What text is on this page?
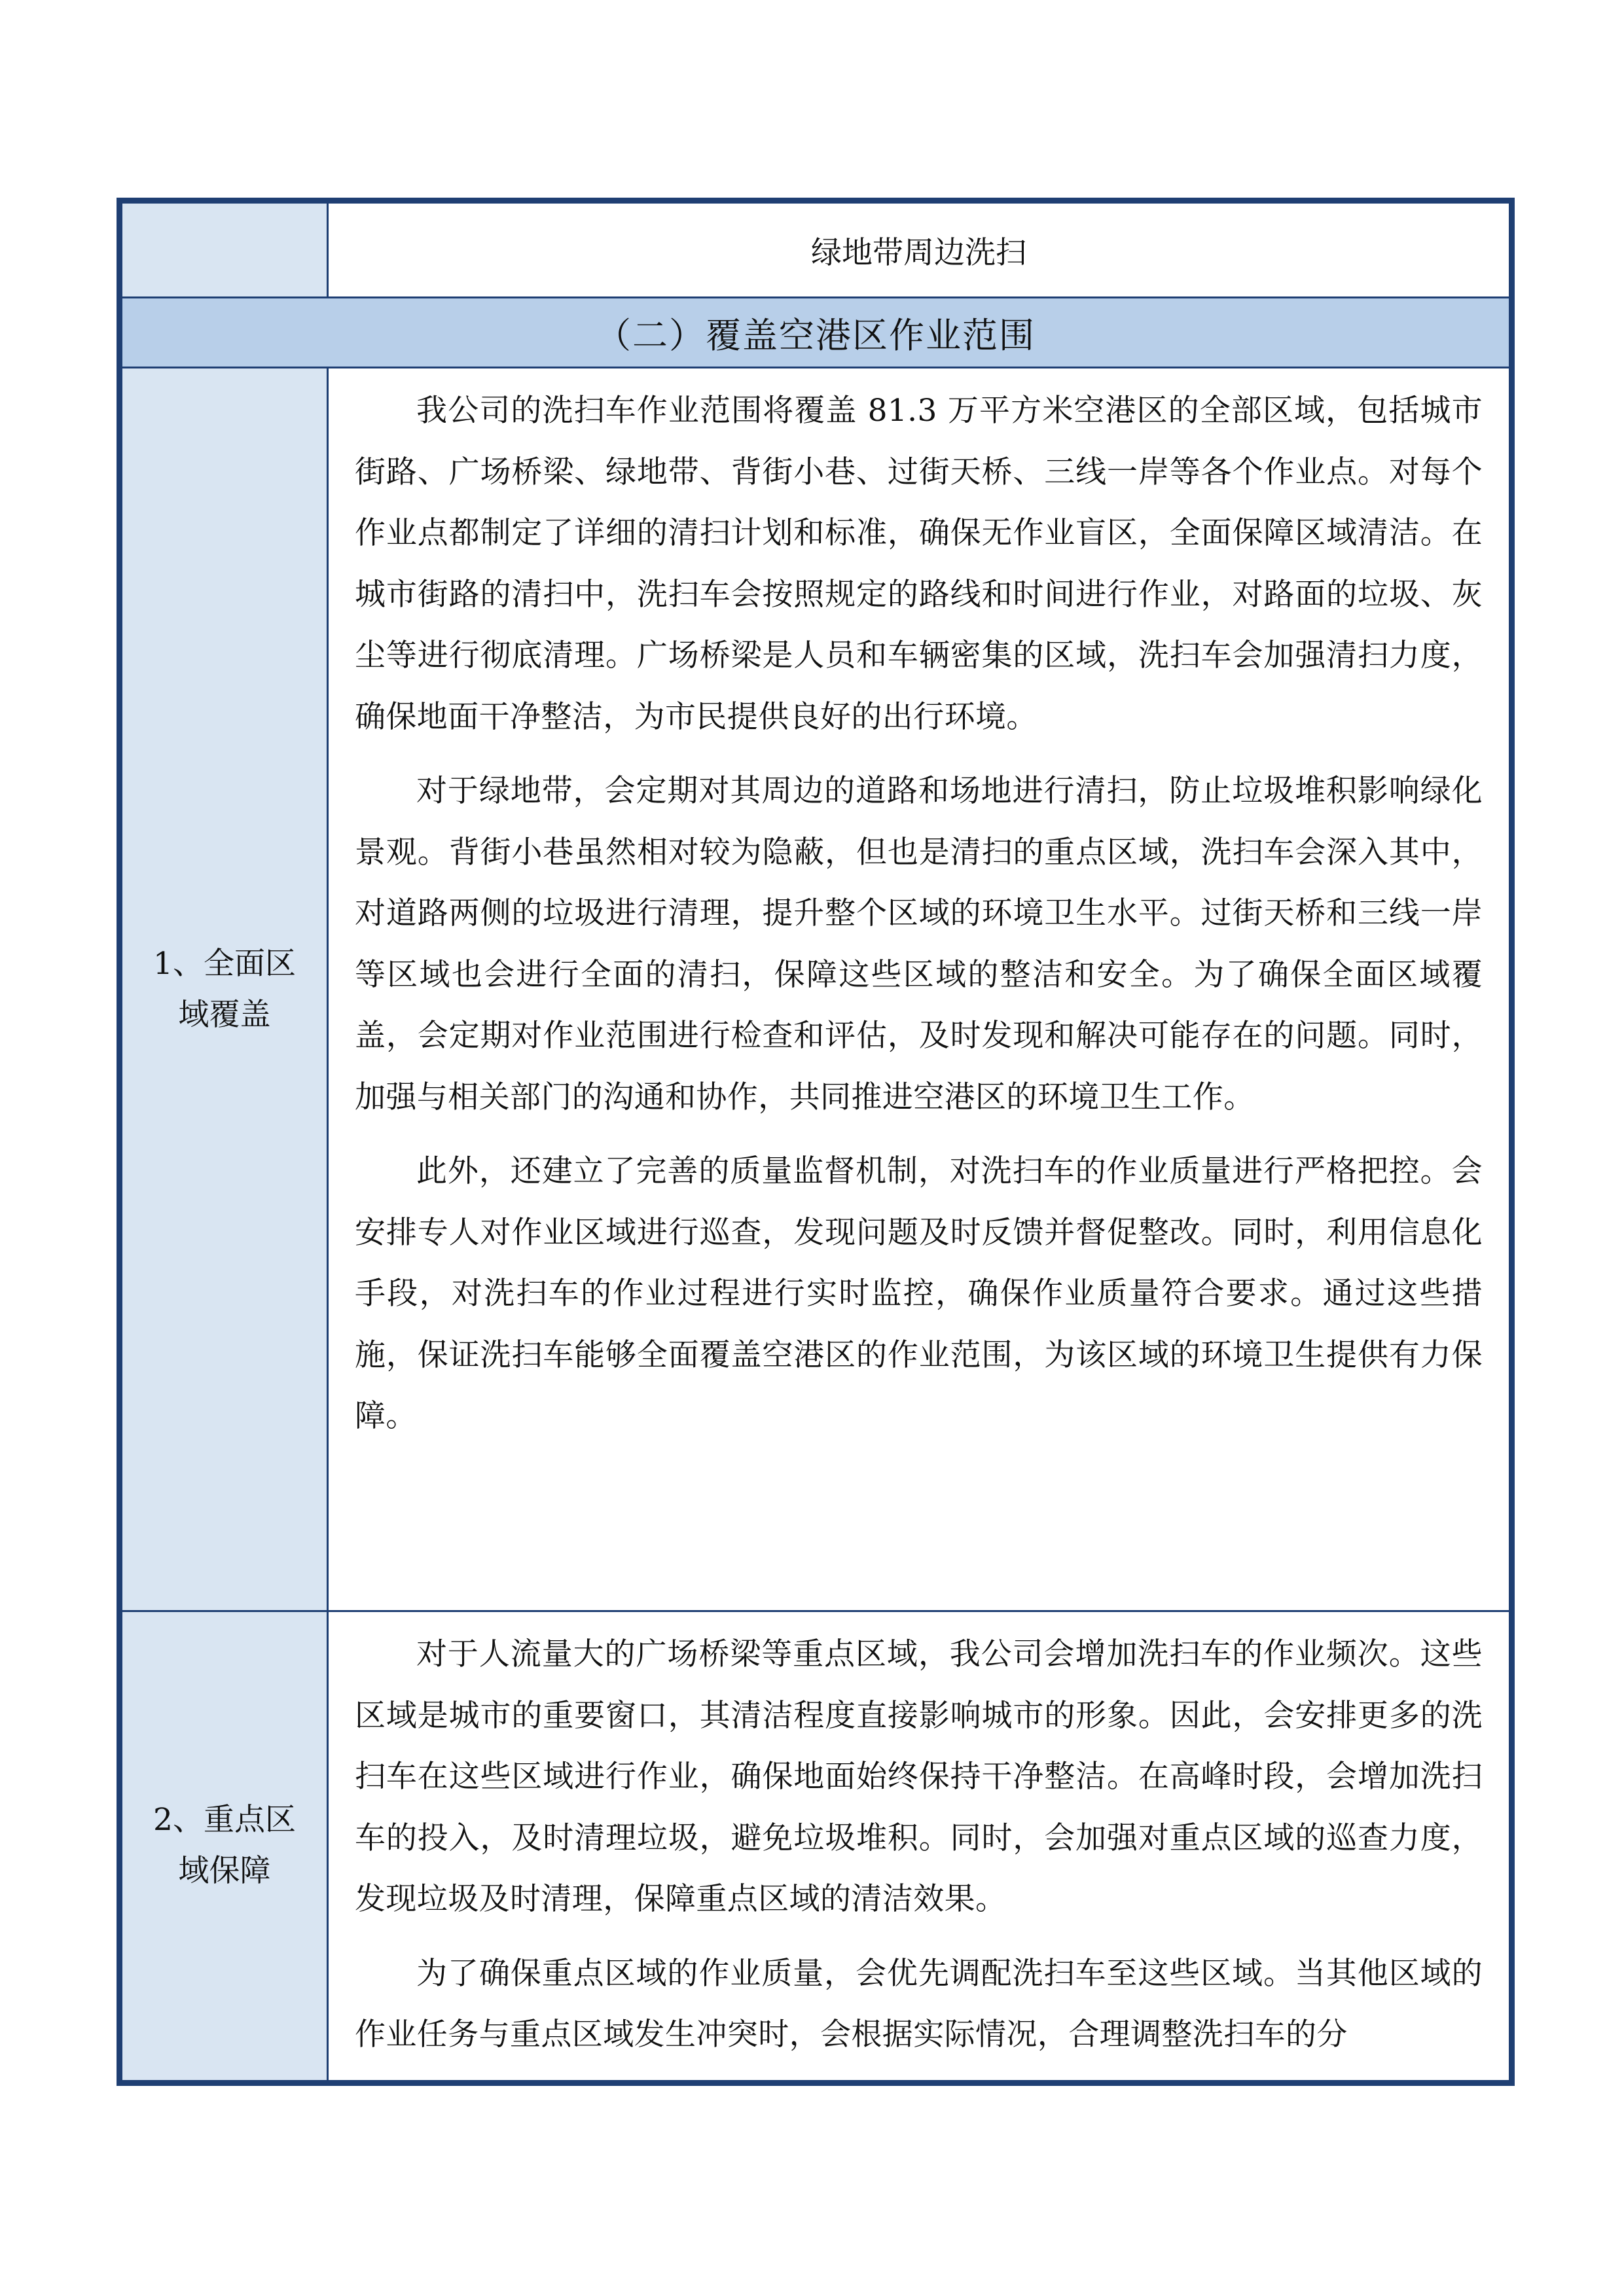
	绿地带周边洗扫
（二）覆盖空港区作业范围	
1、全面区域覆盖	我公司的洗扫车作业范围将覆盖 81.3 万平方米空港区的全部区域，包括城市街路、广场桥梁、绿地带、背街小巷、过街天桥、三线一岸等各个作业点。对每个作业点都制定了详细的清扫计划和标准，确保无作业盲区，全面保障区域清洁。在城市街路的清扫中，洗扫车会按照规定的路线和时间进行作业，对路面的垃圾、灰尘等进行彻底清理。广场桥梁是人员和车辆密集的区域，洗扫车会加强清扫力度，确保地面干净整洁，为市民提供良好的出行环境。

对于绿地带，会定期对其周边的道路和场地进行清扫，防止垃圾堆积影响绿化景观。背街小巷虽然相对较为隐蔽，但也是清扫的重点区域，洗扫车会深入其中，对道路两侧的垃圾进行清理，提升整个区域的环境卫生水平。过街天桥和三线一岸等区域也会进行全面的清扫，保障这些区域的整洁和安全。为了确保全面区域覆盖，会定期对作业范围进行检查和评估，及时发现和解决可能存在的问题。同时，加强与相关部门的沟通和协作，共同推进空港区的环境卫生工作。

此外，还建立了完善的质量监督机制，对洗扫车的作业质量进行严格把控。会安排专人对作业区域进行巡查，发现问题及时反馈并督促整改。同时，利用信息化手段，对洗扫车的作业过程进行实时监控，确保作业质量符合要求。通过这些措施，保证洗扫车能够全面覆盖空港区的作业范围，为该区域的环境卫生提供有力保障。

2、重点区域保障	对于人流量大的广场桥梁等重点区域，我公司会增加洗扫车的作业频次。这些区域是城市的重要窗口，其清洁程度直接影响城市的形象。因此，会安排更多的洗扫车在这些区域进行作业，确保地面始终保持干净整洁。在高峰时段，会增加洗扫车的投入，及时清理垃圾，避免垃圾堆积。同时，会加强对重点区域的巡查力度，发现垃圾及时清理，保障重点区域的清洁效果。

为了确保重点区域的作业质量，会优先调配洗扫车至这些区域。当其他区域的作业任务与重点区域发生冲突时，会根据实际情况，合理调整洗扫车的分
